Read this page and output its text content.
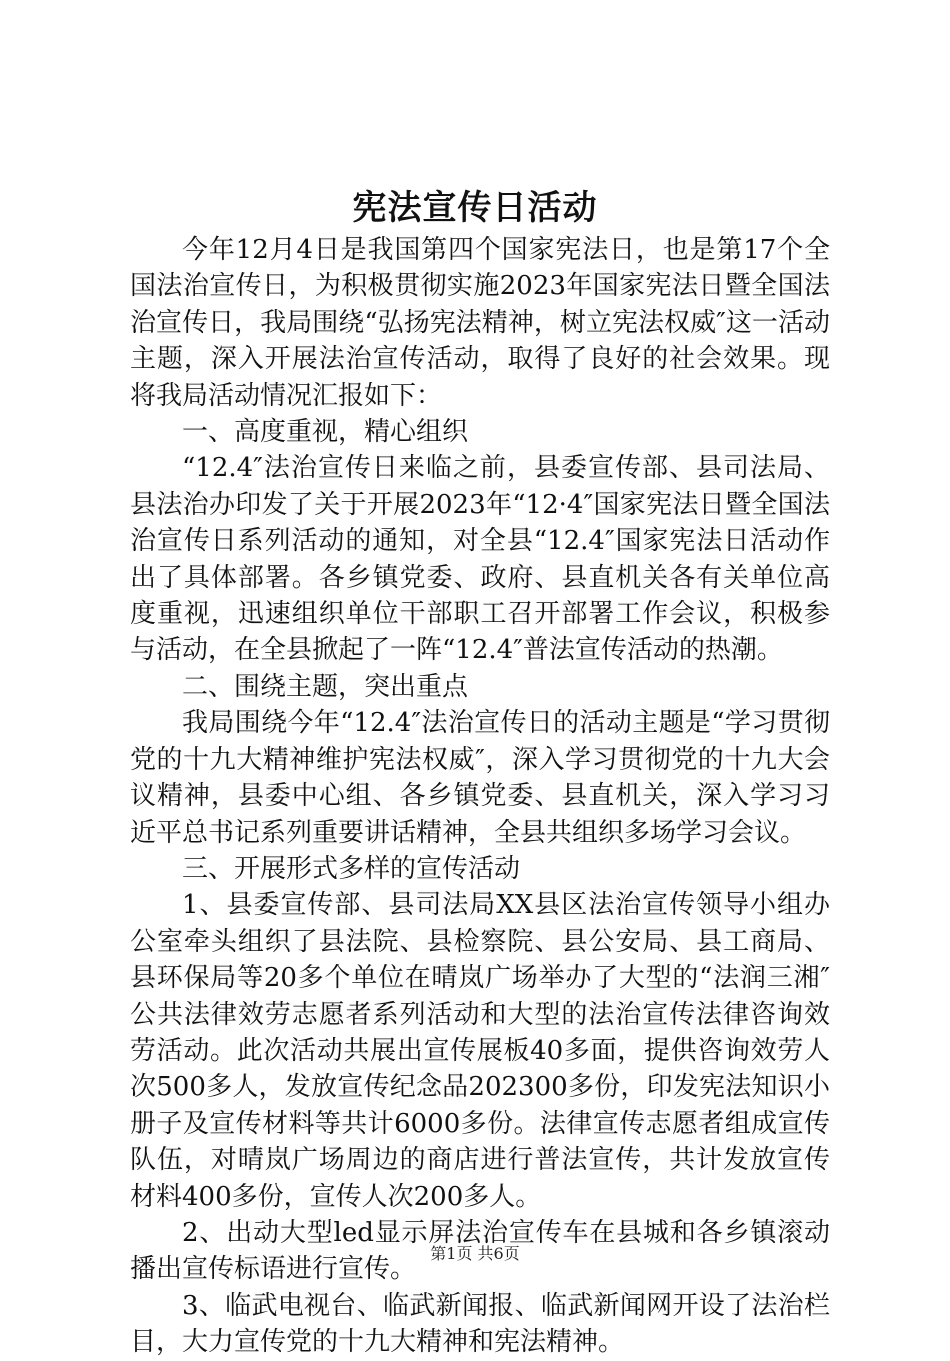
宪法宣传日活动

今年12月4日是我国第四个国家宪法日，也是第17个全国法治宣传日，为积极贯彻实施2023年国家宪法日暨全国法治宣传日，我局围绕“弘扬宪法精神，树立宪法权威″这一活动主题，深入开展法治宣传活动，取得了良好的社会效果。现将我局活动情况汇报如下：

一、高度重视，精心组织

“12.4″法治宣传日来临之前，县委宣传部、县司法局、县法治办印发了关于开展2023年“12·4″国家宪法日暨全国法治宣传日系列活动的通知，对全县“12.4″国家宪法日活动作出了具体部署。各乡镇党委、政府、县直机关各有关单位高度重视，迅速组织单位干部职工召开部署工作会议，积极参与活动，在全县掀起了一阵“12.4″普法宣传活动的热潮。

二、围绕主题，突出重点

我局围绕今年“12.4″法治宣传日的活动主题是“学习贯彻党的十九大精神维护宪法权威″，深入学习贯彻党的十九大会议精神，县委中心组、各乡镇党委、县直机关，深入学习习近平总书记系列重要讲话精神，全县共组织多场学习会议。

三、开展形式多样的宣传活动

1、县委宣传部、县司法局XX县区法治宣传领导小组办公室牵头组织了县法院、县检察院、县公安局、县工商局、县环保局等20多个单位在晴岚广场举办了大型的“法润三湘″公共法律效劳志愿者系列活动和大型的法治宣传法律咨询效劳活动。此次活动共展出宣传展板40多面，提供咨询效劳人次500多人，发放宣传纪念品202300多份，印发宪法知识小册子及宣传材料等共计6000多份。法律宣传志愿者组成宣传队伍，对晴岚广场周边的商店进行普法宣传，共计发放宣传材料400多份，宣传人次200多人。

2、出动大型led显示屏法治宣传车在县城和各乡镇滚动播出宣传标语进行宣传。

3、临武电视台、临武新闻报、临武新闻网开设了法治栏目，大力宣传党的十九大精神和宪法精神。

第1页 共6页
